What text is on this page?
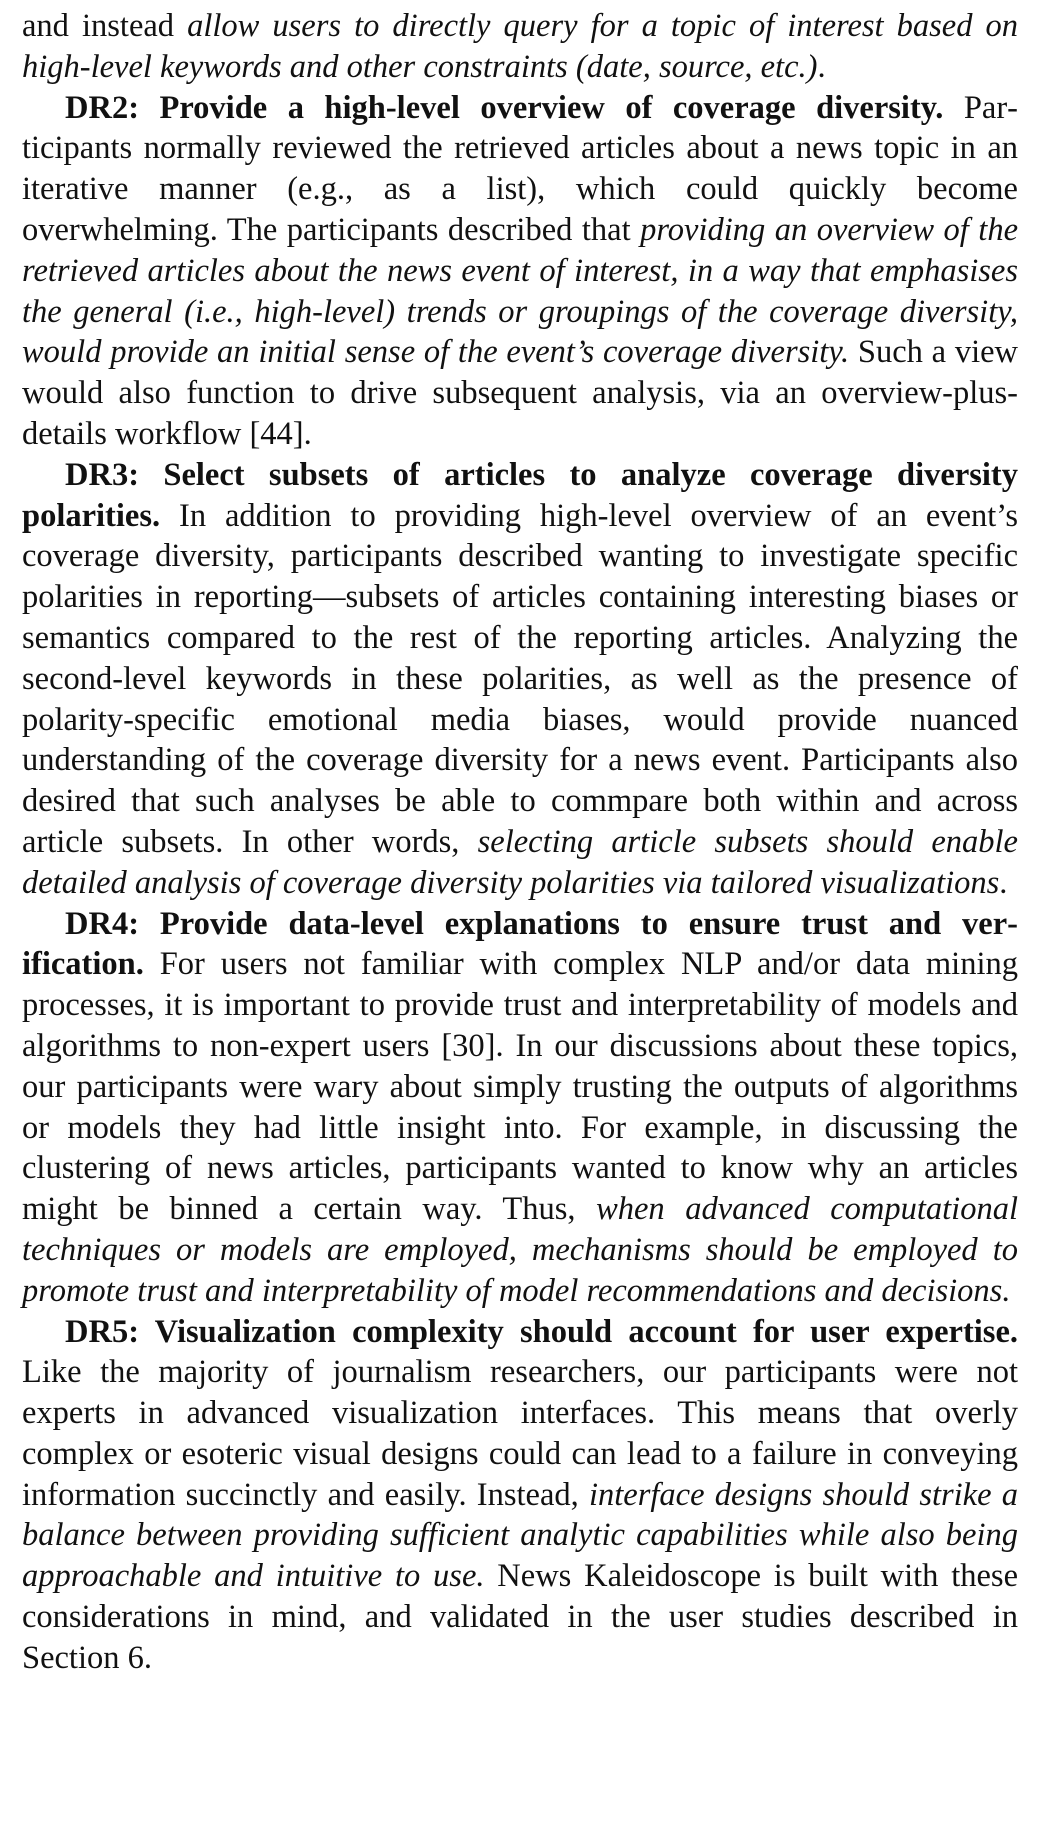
and instead allow users to directly query for a topic of interest based on high-level keywords and other constraints (date, source, etc.).

DR2: Provide a high-level overview of coverage diversity. Participants normally reviewed the retrieved articles about a news topic in an iterative manner (e.g., as a list), which could quickly become overwhelming. The participants described that providing an overview of the retrieved articles about the news event of interest, in a way that emphasises the general (i.e., high-level) trends or groupings of the coverage diversity, would provide an initial sense of the event’s coverage diversity. Such a view would also function to drive subsequent analysis, via an overview-plus-details workflow [44].

DR3: Select subsets of articles to analyze coverage diversity polarities. In addition to providing high-level overview of an event’s coverage diversity, participants described wanting to investigate specific polarities in reporting—subsets of articles containing interesting biases or semantics compared to the rest of the reporting articles. Analyzing the second-level keywords in these polarities, as well as the presence of polarity-specific emotional media biases, would provide nuanced understanding of the coverage diversity for a news event. Participants also desired that such analyses be able to commpare both within and across article subsets. In other words, selecting article subsets should enable detailed analysis of coverage diversity polarities via tailored visualizations.

DR4: Provide data-level explanations to ensure trust and verification. For users not familiar with complex NLP and/or data mining processes, it is important to provide trust and interpretability of models and algorithms to non-expert users [30]. In our discussions about these topics, our participants were wary about simply trusting the outputs of algorithms or models they had little insight into. For example, in discussing the clustering of news articles, participants wanted to know why an articles might be binned a certain way. Thus, when advanced computational techniques or models are employed, mechanisms should be employed to promote trust and interpretability of model recommendations and decisions.

DR5: Visualization complexity should account for user expertise. Like the majority of journalism researchers, our participants were not experts in advanced visualization interfaces. This means that overly complex or esoteric visual designs could can lead to a failure in conveying information succinctly and easily. Instead, interface designs should strike a balance between providing sufficient analytic capabilities while also being approachable and intuitive to use. News Kaleidoscope is built with these considerations in mind, and validated in the user studies described in Section 6.
